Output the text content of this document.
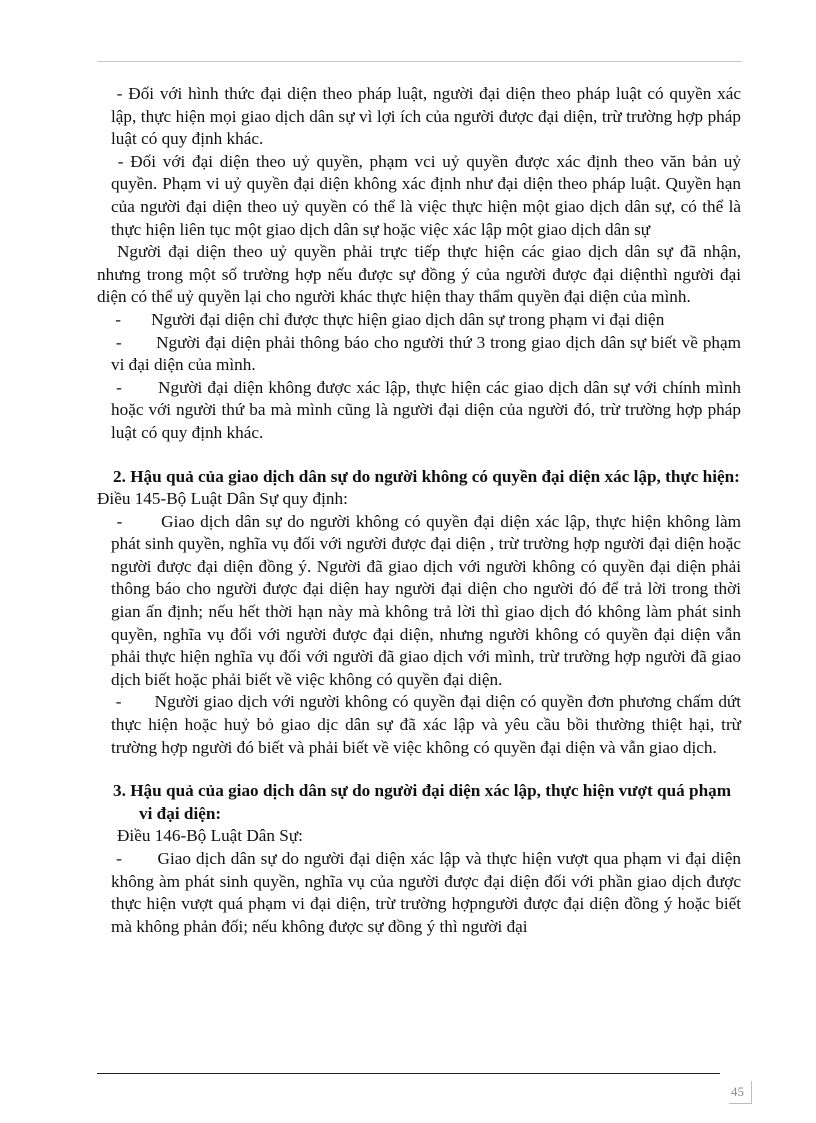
- Đối với hình thức đại diện theo pháp luật, người đại diện theo pháp luật có quyền xác lập, thực hiện mọi giao dịch dân sự vì lợi ích của người được đại diện, trừ trường hợp pháp luật có quy định khác.

- Đối với đại diện theo uỷ quyền, phạm vci uỷ quyền được xác định theo văn bản uỷ quyền. Phạm vi uỷ quyền đại diện không xác định như đại diện theo pháp luật. Quyền hạn của người đại diện theo uỷ quyền có thể là việc thực hiện một giao dịch dân sự, có thể là thực hiện liên tục một giao dịch dân sự hoặc việc xác lập một giao dịch dân sự

Người đại diện theo uỷ quyền phải trực tiếp thực hiện các giao dịch dân sự đã nhận, nhưng trong một số trường hợp nếu được sự đồng ý của người được đại diệnthì người đại diện có thể uỷ quyền lại cho người khác thực hiện thay thẩm quyền đại diện của mình.

-       Người đại diện chỉ được thực hiện giao dịch dân sự trong phạm vi đại diện

-       Người đại diện phải thông báo cho người thứ 3 trong giao dịch dân sự biết về phạm vi đại diện của mình.

-       Người đại diện không được xác lập, thực hiện các giao dịch dân sự với chính mình hoặc với người thứ ba mà mình cũng là người đại diện của người đó, trừ trường hợp pháp luật có quy định khác.

2. Hậu quả của giao dịch dân sự do người không có quyền đại diện xác lập, thực hiện:

Điều 145-Bộ Luật Dân Sự quy định:

-       Giao dịch dân sự do người không có quyền đại diện xác lập, thực hiện không làm phát sinh quyền, nghĩa vụ đối với người được đại diện , trừ trường hợp người đại diện hoặc người được đại diện đồng ý. Người đã giao dịch với người không có quyền đại diện phải thông báo cho người được đại diện hay người đại diện cho người đó để trả lời trong thời gian ấn định; nếu hết thời hạn này mà không trả lời thì giao dịch đó không làm phát sinh quyền, nghĩa vụ đối với người được đại diện, nhưng người không có quyền đại diện vẫn phải thực hiện nghĩa vụ đối với người đã giao dịch với mình, trừ trường hợp người đã giao dịch biết hoặc phải biết về việc không có quyền đại diện.

-       Người giao dịch với người không có quyền đại diện có quyền đơn phương chấm dứt thực hiện hoặc huỷ bỏ giao dịc dân sự đã xác lập và yêu cầu bồi thường thiệt hại, trừ trường hợp người đó biết và phải biết về việc không có quyền đại diện và vẫn giao dịch.

3. Hậu quả của giao dịch dân sự do người đại diện xác lập, thực hiện vượt quá phạm vi đại diện:

Điều 146-Bộ Luật Dân Sự:

-       Giao dịch dân sự do người đại diện xác lập và thực hiện vượt qua phạm vi đại diện không àm phát sinh quyền, nghĩa vụ của người được đại diện đối với phần giao dịch được thực hiện vượt quá phạm vi đại diện, trừ trường hợpngười được đại diện đồng ý hoặc biết mà không phản đối; nếu không được sự đồng ý thì người đại

45
